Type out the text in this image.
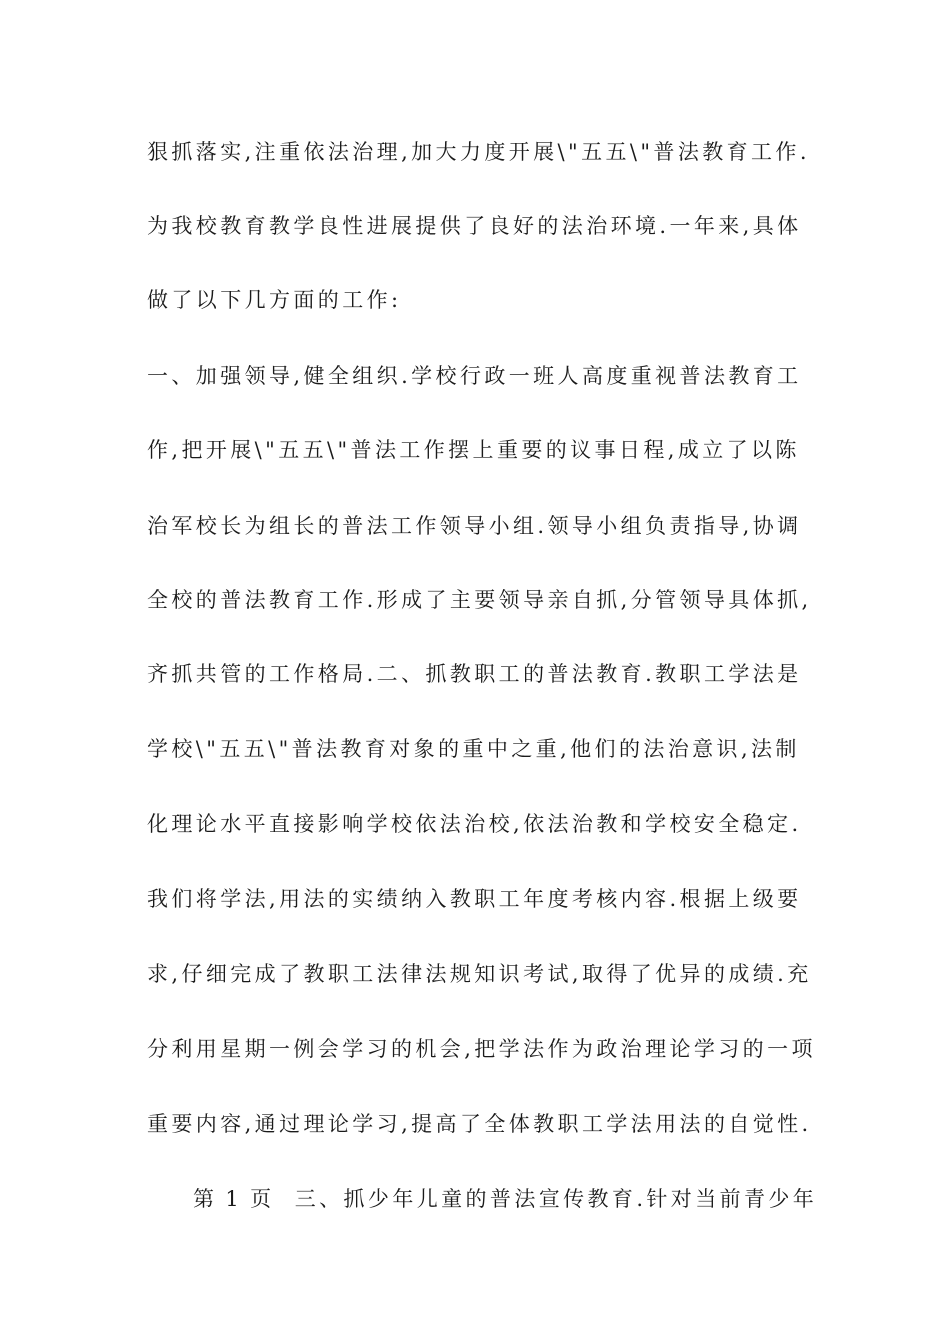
狠抓落实,注重依法治理,加大力度开展\"五五\"普法教育工作.
为我校教育教学良性进展提供了良好的法治环境.一年来,具体
做了以下几方面的工作:
一、加强领导,健全组织.学校行政一班人高度重视普法教育工
作,把开展\"五五\"普法工作摆上重要的议事日程,成立了以陈
治军校长为组长的普法工作领导小组.领导小组负责指导,协调
全校的普法教育工作.形成了主要领导亲自抓,分管领导具体抓,
齐抓共管的工作格局.二、抓教职工的普法教育.教职工学法是
学校\"五五\"普法教育对象的重中之重,他们的法治意识,法制
化理论水平直接影响学校依法治校,依法治教和学校安全稳定.
我们将学法,用法的实绩纳入教职工年度考核内容.根据上级要
求,仔细完成了教职工法律法规知识考试,取得了优异的成绩.充
分利用星期一例会学习的机会,把学法作为政治理论学习的一项
重要内容,通过理论学习,提高了全体教职工学法用法的自觉性.
第 1 页 三、抓少年儿童的普法宣传教育.针对当前青少年
